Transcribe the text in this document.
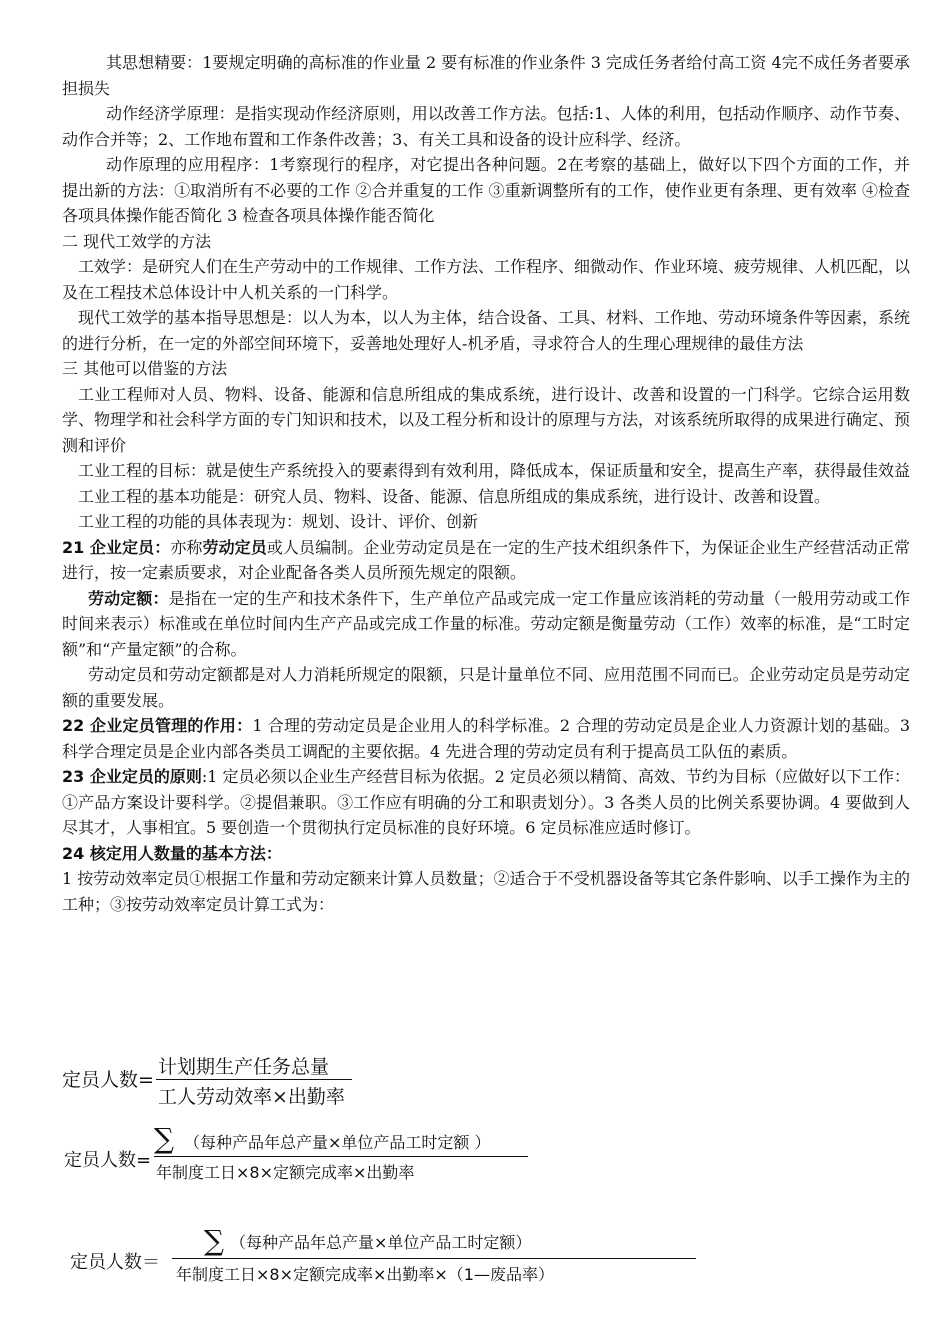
其思想精要：1要规定明确的高标准的作业量 2 要有标准的作业条件 3 完成任务者给付高工资 4完不成任务者要承担损失

动作经济学原理：是指实现动作经济原则，用以改善工作方法。包括:1、人体的利用，包括动作顺序、动作节奏、动作合并等；2、工作地布置和工作条件改善；3、有关工具和设备的设计应科学、经济。

动作原理的应用程序：1考察现行的程序，对它提出各种问题。2在考察的基础上，做好以下四个方面的工作，并提出新的方法：①取消所有不必要的工作 ②合并重复的工作 ③重新调整所有的工作，使作业更有条理、更有效率 ④检查各项具体操作能否简化 3 检查各项具体操作能否简化

二 现代工效学的方法

工效学：是研究人们在生产劳动中的工作规律、工作方法、工作程序、细微动作、作业环境、疲劳规律、人机匹配，以及在工程技术总体设计中人机关系的一门科学。

现代工效学的基本指导思想是：以人为本，以人为主体，结合设备、工具、材料、工作地、劳动环境条件等因素，系统的进行分析，在一定的外部空间环境下，妥善地处理好人-机矛盾，寻求符合人的生理心理规律的最佳方法

三 其他可以借鉴的方法

工业工程师对人员、物料、设备、能源和信息所组成的集成系统，进行设计、改善和设置的一门科学。它综合运用数学、物理学和社会科学方面的专门知识和技术，以及工程分析和设计的原理与方法，对该系统所取得的成果进行确定、预测和评价

工业工程的目标：就是使生产系统投入的要素得到有效利用，降低成本，保证质量和安全，提高生产率，获得最佳效益

工业工程的基本功能是：研究人员、物料、设备、能源、信息所组成的集成系统，进行设计、改善和设置。

工业工程的功能的具体表现为：规划、设计、评价、创新

21 企业定员：亦称劳动定员或人员编制。企业劳动定员是在一定的生产技术组织条件下，为保证企业生产经营活动正常进行，按一定素质要求，对企业配备各类人员所预先规定的限额。

劳动定额：是指在一定的生产和技术条件下，生产单位产品或完成一定工作量应该消耗的劳动量（一般用劳动或工作时间来表示）标准或在单位时间内生产产品或完成工作量的标准。劳动定额是衡量劳动（工作）效率的标准，是“工时定额”和“产量定额”的合称。

劳动定员和劳动定额都是对人力消耗所规定的限额，只是计量单位不同、应用范围不同而已。企业劳动定员是劳动定额的重要发展。

22 企业定员管理的作用：1 合理的劳动定员是企业用人的科学标准。2 合理的劳动定员是企业人力资源计划的基础。3 科学合理定员是企业内部各类员工调配的主要依据。4 先进合理的劳动定员有利于提高员工队伍的素质。

23 企业定员的原则:1 定员必须以企业生产经营目标为依据。2 定员必须以精简、高效、节约为目标（应做好以下工作：①产品方案设计要科学。②提倡兼职。③工作应有明确的分工和职责划分）。3 各类人员的比例关系要协调。4 要做到人尽其才，人事相宜。5 要创造一个贯彻执行定员标准的良好环境。6 定员标准应适时修订。

24 核定用人数量的基本方法：

1 按劳动效率定员①根据工作量和劳动定额来计算人员数量；②适合于不受机器设备等其它条件影响、以手工操作为主的工种；③按劳动效率定员计算工式为：

定员人数=
计划期生产任务总量
工人劳动效率×出勤率
定员人数=
∑ （每种产品年总产量×单位产品工时定额 ）
年制度工日×8×定额完成率×出勤率
定员人数＝
∑ （每种产品年总产量×单位产品工时定额）
年制度工日×8×定额完成率×出勤率×（1—废品率）
